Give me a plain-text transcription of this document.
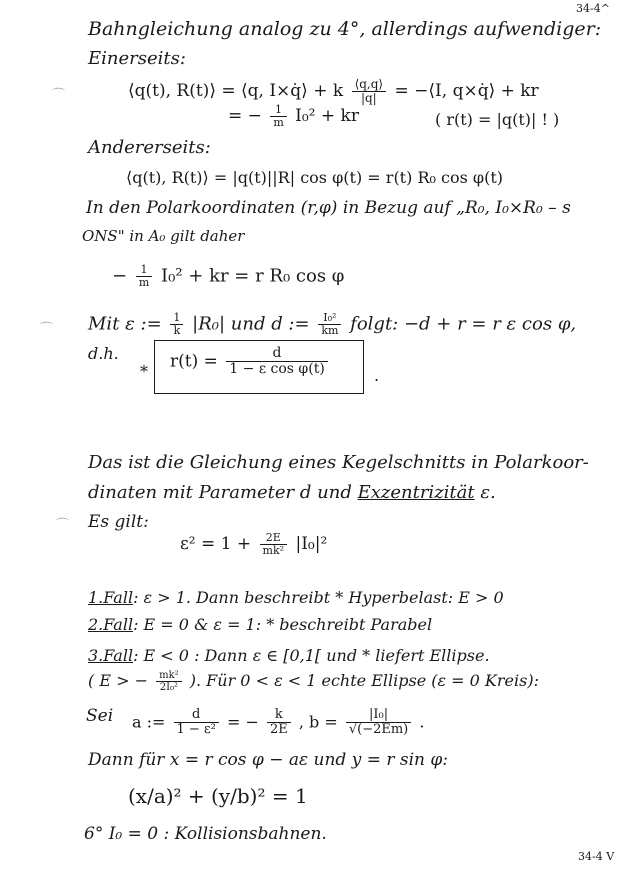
34-4^
Bahngleichung analog zu 4°, allerdings aufwendiger:
Einerseits:
⌒	⟨q(t), R(t)⟩ = ⟨q, I×q̇⟩ + k $\frac{⟨q,q⟩}{|q|}$ = −⟨I, q×q̇⟩ + kr
= − $\frac{1}{m} I_0^2$ + kr	( r(t) = |q(t)| ! )
Andererseits:
⟨q(t), R(t)⟩ = |q(t)||R| cos φ(t) = r(t) R₀ cos φ(t)
In den Polarkoordinaten (r,φ) in Bezug auf „R₀, I₀×R₀ – s
ONS" in A₀ gilt daher
− $\frac{1}{m} I_0^2$ + kr = r R₀ cos φ
⌒ Mit ε := $\frac{1}{k} |R_0|$ und d := $\frac{\text{I₀²}}{km} folgt$: −d + r = r ε cos φ,
d.h.
*
$r(t) = \frac{d}{\text{1 − ε cos φ(t)}}$	.
Das ist die Gleichung eines Kegelschnitts in Polarkoor-
dinaten mit Parameter d und Exzentrizität ε.
⌒ Es gilt:
$\varepsilon^2 = 1 + \frac{2E}{\text{mk²}} |I_0|^2$
1.Fall: ε > 1. Dann beschreibt * Hyperbelast: E > 0
2.Fall: E = 0 & ε = 1: * beschreibt Parabel
3.Fall: E < 0 : Dann ε ∈ [0,1[ und * liefert Ellipse.
( E > − $\frac{\text{mk²}}{\text{2I₀²}}$ ). Für 0 < ε < 1 echte Ellipse (ε = 0 Kreis):
Sei a := $\frac{d}{\text{1 − ε²}}$ = − $\frac{k}{2E}$ , $b = \frac{\text{|I₀|}}{√(-2Em)}$ .
Dann für x = r cos φ − aε und y = r sin φ:
(x/a)² + (y/b)² = 1
6° I₀ = 0 : Kollisionsbahnen.
34-4 V
